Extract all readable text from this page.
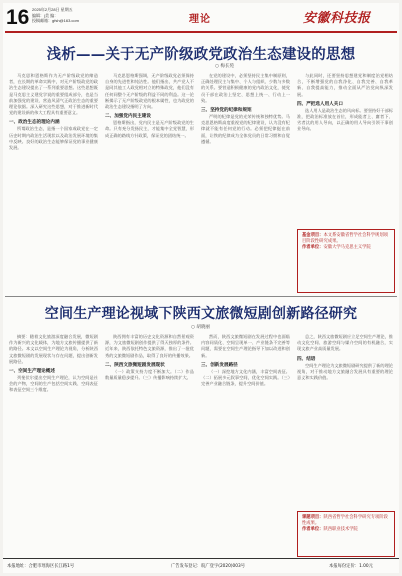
16 2025年2月28日 星期五
编辑：|美 编：
投稿邮箱：gfsh@163.com	理论	安徽科技报
浅析——关于无产阶级政党政治生态建设的思想
○ 梅长苑

马克思和恩格斯作为无产阶级政党的缔造者，在长期的革命实践中，对无产阶级政党的政治生态建设提出了一系列重要思想。这些思想既是马克思主义建党学说的重要组成部分，也是当前加强党的建设、营造风清气正政治生态的重要理论依据。深入研究这些思想，对于推进新时代党的建设新的伟大工程具有重要意义。

一、政治生态的理论内涵

所谓政治生态，是指一个国家或政党在一定历史时期内政治生活现状以及政治发展环境的集中反映。良好的政治生态能够保证党的事业健康发展。

马克思恩格斯强调，无产阶级政党必须保持自身的先进性和纯洁性。他们指出，共产党人不是同其他工人政党相对立的特殊政党，他们没有任何同整个无产阶级的利益不同的利益。这一论断揭示了无产阶级政党的根本属性，也为政党的政治生态建设指明了方向。

二、加强党内民主建设

恩格斯指出，党内民主是无产阶级政党的生命。只有充分发扬民主，才能集中全党智慧，形成正确的路线方针政策，保证党的团结统一。

在党的建设中，必须坚持民主集中制原则，正确处理民主与集中、个人与组织、少数与多数的关系。要营造积极健康的党内政治文化，使党员干部在政治上坚定、思想上统一、行动上一致。

三、坚持党的纪律和规矩

严明的纪律是党的光荣传统和独特优势。马克思恩格斯高度重视党的纪律建设，认为没有纪律就不能有任何党的行动。必须把纪律挺在前面，让铁的纪律成为全体党员的日常习惯和自觉遵循。

与此同时，还要坚持思想建党和制度治党相结合，不断增强党的自我净化、自我完善、自我革新、自我提高能力，推动全面从严治党向纵深发展。

四、严把选人用人关口

选人用人是政治生态的风向标。要坚持好干部标准，把政治标准放在首位，形成能者上、庸者下、劣者汰的用人导向，以正确的用人导向引领干事创业导向。

基金项目：本文系安徽省哲学社会科学规划项目阶段性研究成果。

作者单位：安徽大学马克思主义学院

空间生产理论视域下陕西文旅微短剧创新路径研究
○ 胡晓丽

摘要：随着文化旅游深度融合发展，微短剧作为新兴的文化载体，为地方文旅传播提供了新的路径。本文以空间生产理论为视角，分析陕西文旅微短剧的发展现状与存在问题，提出创新发展路径。

一、空间生产理论概述

列斐伏尔提出空间生产理论，认为空间是社会的产物，空间的生产包括空间实践、空间表征和表征空间三个维度。

陕西拥有丰富的历史文化资源和自然景观资源，为文旅微短剧创作提供了得天独厚的条件。近年来，陕西依托特色文旅资源，推出了一批优秀的文旅微短剧作品，取得了良好的传播效果。

二、陕西文旅微短剧发展现状

（一）政策支持力度不断加大。（二）作品数量质量稳步提升。（三）传播影响持续扩大。

然而，陕西文旅微短剧在发展过程中也面临内容同质化、空间呈现单一、产业链条不完善等问题，需要在空间生产理论指导下加以改进和创新。

三、创新发展路径

（一）深挖地方文化内涵，丰富空间表征。（二）拓展多元叙事空间，优化空间实践。（三）完善产业融合链条，提升空间价值。

总之，陕西文旅微短剧应立足空间生产理论，推动文化空间、旅游空间与媒介空间的有机融合，实现文旅产业高质量发展。

四、结语

空间生产理论为文旅微短剧研究提供了新的理论视角，对于推动地方文旅融合发展具有重要的理论意义和实践价值。

课题项目：陕西省哲学社会科学研究专项阶段性成果。

作者单位：陕西职业技术学院

本报地址：合肥市瑶海区长江路1号	广告发布登记：皖广登字(2020)003号	本报每份定价：1.00元
